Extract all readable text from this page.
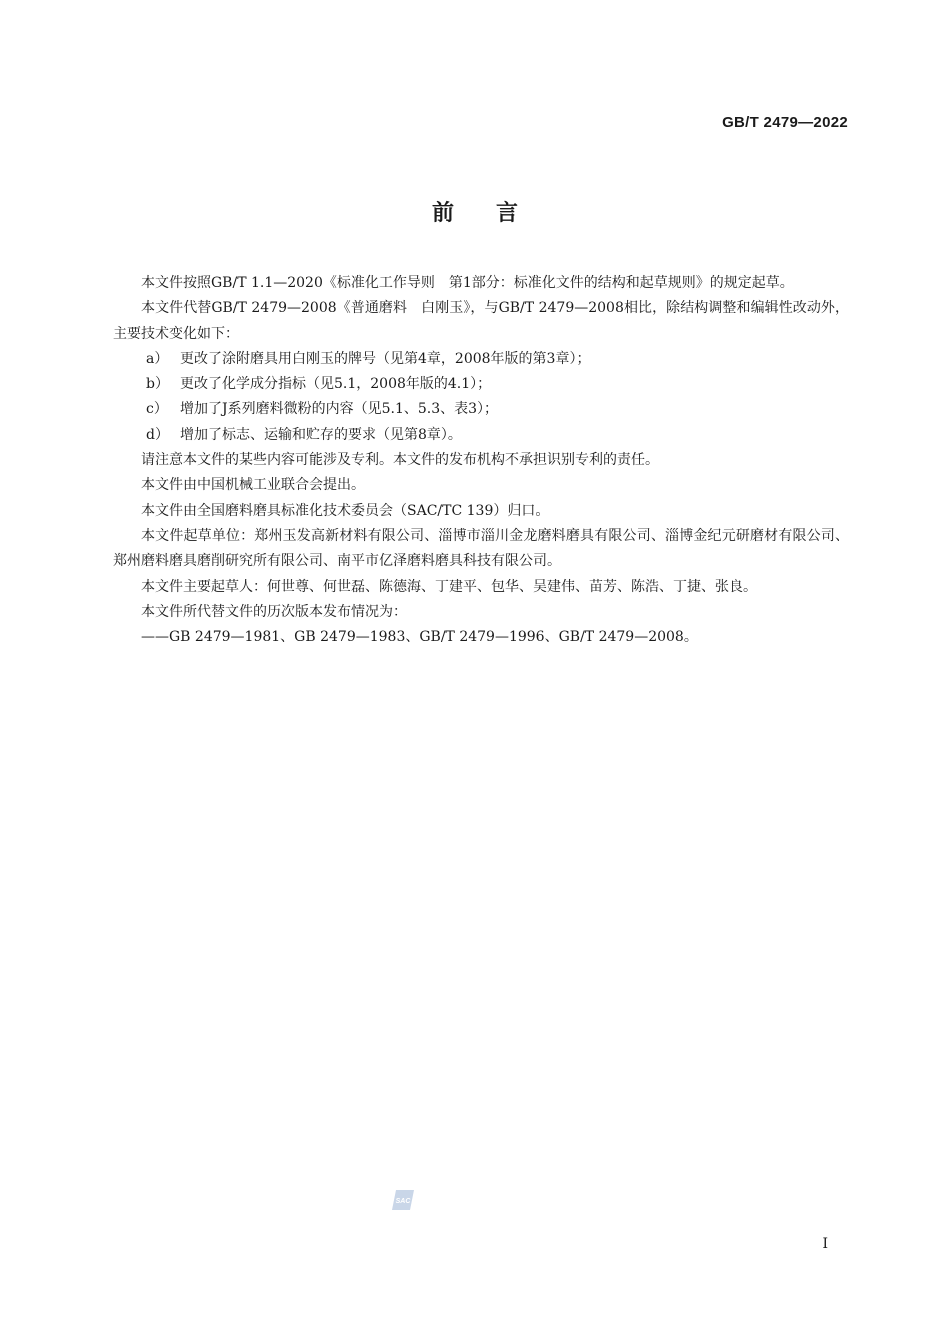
GB/T 2479—2022
前言

本文件按照GB/T 1.1—2020《标准化工作导则　第1部分：标准化文件的结构和起草规则》的规定起草。

本文件代替GB/T 2479—2008《普通磨料　白刚玉》，与GB/T 2479—2008相比，除结构调整和编辑性改动外，主要技术变化如下：

a） 更改了涂附磨具用白刚玉的牌号（见第4章，2008年版的第3章）；

b） 更改了化学成分指标（见5.1，2008年版的4.1）；

c） 增加了J系列磨料微粉的内容（见5.1、5.3、表3）；

d） 增加了标志、运输和贮存的要求（见第8章）。

请注意本文件的某些内容可能涉及专利。本文件的发布机构不承担识别专利的责任。

本文件由中国机械工业联合会提出。

本文件由全国磨料磨具标准化技术委员会（SAC/TC 139）归口。

本文件起草单位：郑州玉发高新材料有限公司、淄博市淄川金龙磨料磨具有限公司、淄博金纪元研磨材有限公司、郑州磨料磨具磨削研究所有限公司、南平市亿泽磨料磨具科技有限公司。

本文件主要起草人：何世尊、何世磊、陈德海、丁建平、包华、吴建伟、苗芳、陈浩、丁捷、张良。

本文件所代替文件的历次版本发布情况为：

——GB 2479—1981、GB 2479—1983、GB/T 2479—1996、GB/T 2479—2008。

SAC
I
